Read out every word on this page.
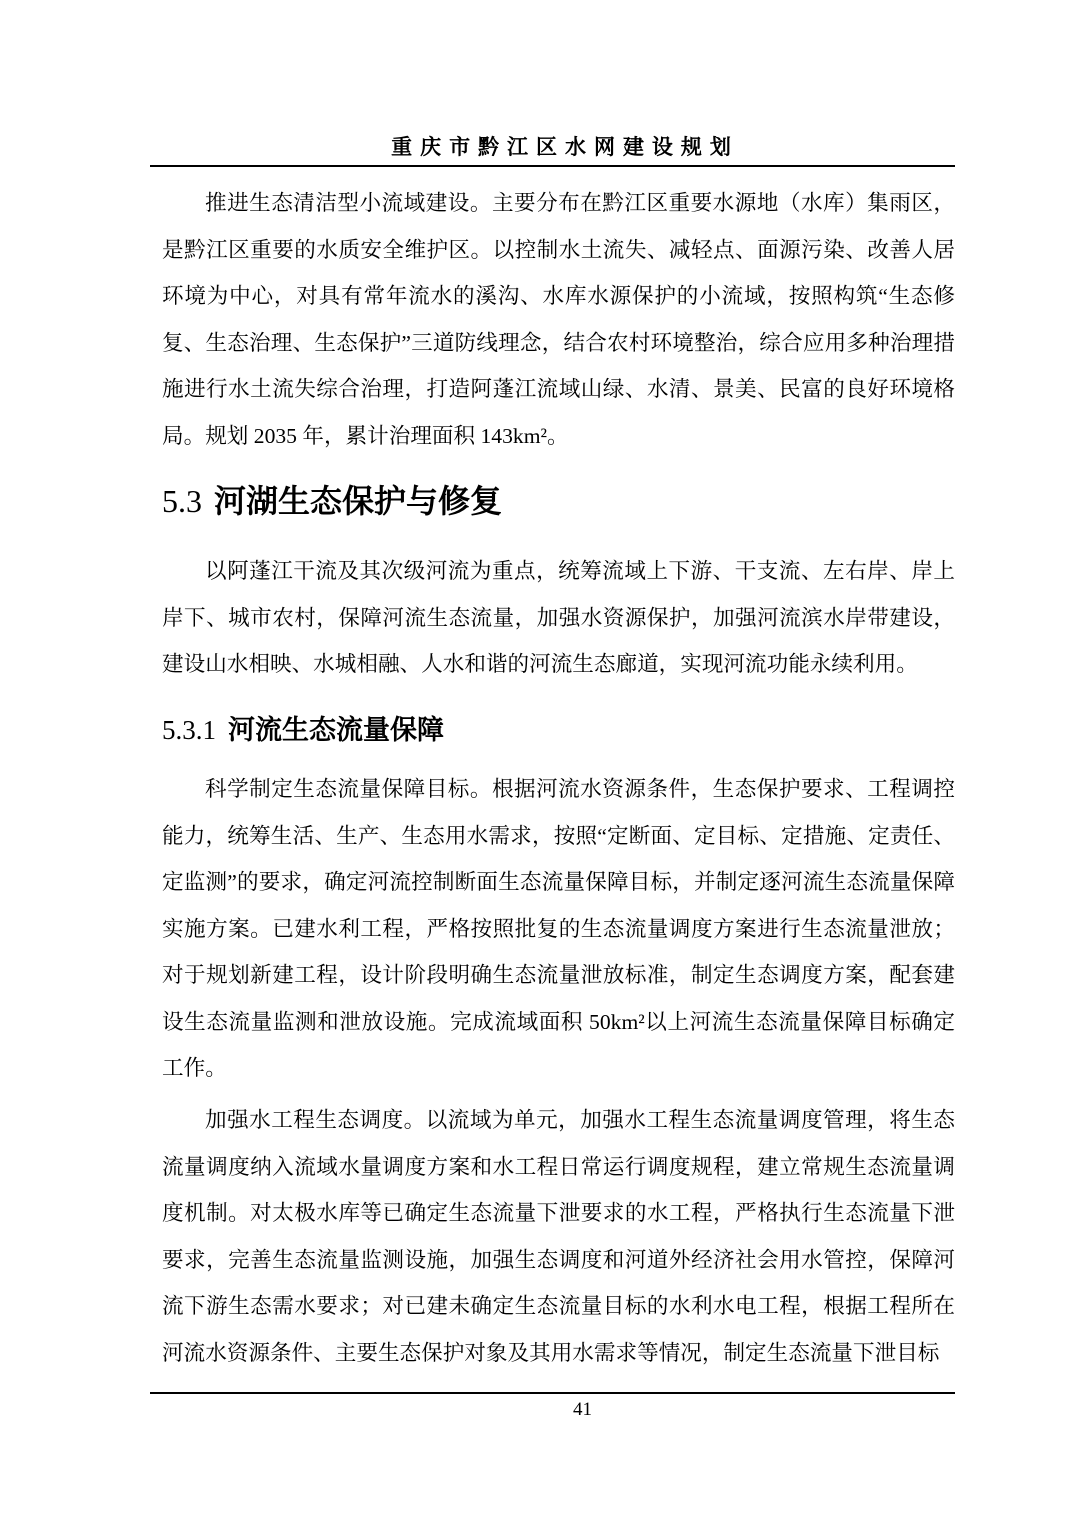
重庆市黔江区水网建设规划

推进生态清洁型小流域建设。主要分布在黔江区重要水源地（水库）集雨区，是黔江区重要的水质安全维护区。以控制水土流失、减轻点、面源污染、改善人居环境为中心，对具有常年流水的溪沟、水库水源保护的小流域，按照构筑“生态修复、生态治理、生态保护”三道防线理念，结合农村环境整治，综合应用多种治理措施进行水土流失综合治理，打造阿蓬江流域山绿、水清、景美、民富的良好环境格局。规划 2035 年，累计治理面积 143km²。

5.3 河湖生态保护与修复

以阿蓬江干流及其次级河流为重点，统筹流域上下游、干支流、左右岸、岸上岸下、城市农村，保障河流生态流量，加强水资源保护，加强河流滨水岸带建设，建设山水相映、水城相融、人水和谐的河流生态廊道，实现河流功能永续利用。

5.3.1 河流生态流量保障

科学制定生态流量保障目标。根据河流水资源条件，生态保护要求、工程调控能力，统筹生活、生产、生态用水需求，按照“定断面、定目标、定措施、定责任、定监测”的要求，确定河流控制断面生态流量保障目标，并制定逐河流生态流量保障实施方案。已建水利工程，严格按照批复的生态流量调度方案进行生态流量泄放；对于规划新建工程，设计阶段明确生态流量泄放标准，制定生态调度方案，配套建设生态流量监测和泄放设施。完成流域面积 50km²以上河流生态流量保障目标确定工作。

加强水工程生态调度。以流域为单元，加强水工程生态流量调度管理，将生态流量调度纳入流域水量调度方案和水工程日常运行调度规程，建立常规生态流量调度机制。对太极水库等已确定生态流量下泄要求的水工程，严格执行生态流量下泄要求，完善生态流量监测设施，加强生态调度和河道外经济社会用水管控，保障河流下游生态需水要求；对已建未确定生态流量目标的水利水电工程，根据工程所在河流水资源条件、主要生态保护对象及其用水需求等情况，制定生态流量下泄目标

41
